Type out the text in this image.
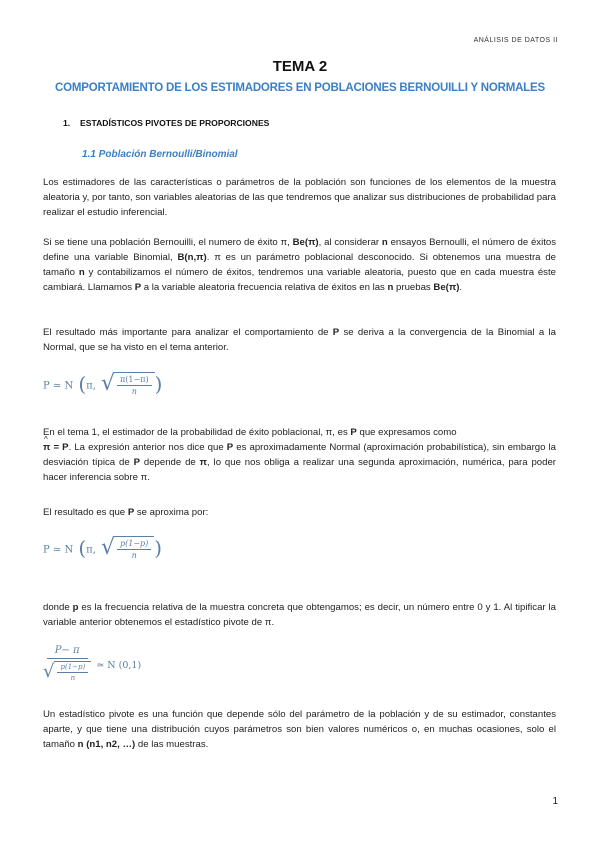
ANÁLISIS DE DATOS II
TEMA 2
COMPORTAMIENTO DE LOS ESTIMADORES EN POBLACIONES BERNOUILLI Y NORMALES
1. ESTADÍSTICOS PIVOTES DE PROPORCIONES
1.1 Población Bernoulli/Binomial
Los estimadores de las características o parámetros de la población son funciones de los elementos de la muestra aleatoria y, por tanto, son variables aleatorias de las que tendremos que analizar sus distribuciones de probabilidad para realizar el estudio inferencial.
Si se tiene una población Bernouilli, el numero de éxito π, Be(π), al considerar n ensayos Bernoulli, el número de éxitos define una variable Binomial, B(n,π). π es un parámetro poblacional desconocido. Si obtenemos una muestra de tamaño n y contabilizamos el número de éxitos, tendremos una variable aleatoria, puesto que en cada muestra éste cambiará. Llamamos P a la variable aleatoria frecuencia relativa de éxitos en las n pruebas Be(π).
El resultado más importante para analizar el comportamiento de P se deriva a la convergencia de la Binomial a la Normal, que se ha visto en el tema anterior.
P ≃ N (π, √ $\frac{\pi(1-\pi)}{n}$ )
En el tema 1, el estimador de la probabilidad de éxito poblacional, π, es P que expresamos como
^ π = P. La expresión anterior nos dice que P es aproximadamente Normal (aproximación probabilística), sin embargo la desviación típica de P depende de π, lo que nos obliga a realizar una segunda aproximación, numérica, para poder hacer inferencia sobre π.
El resultado es que P se aproxima por:
P ≃ N (π, √ $\frac{p(1-p)}{n}$ )
donde p es la frecuencia relativa de la muestra concreta que obtengamos; es decir, un número entre 0 y 1. Al tipificar la variable anterior obtenemos el estadístico pivote de π.
$\frac{P- \pi}{√ \frac{p(1-p)}{n}}$ ≃ N (0,1)
Un estadístico pivote es una función que depende sólo del parámetro de la población y de su estimador, constantes aparte, y que tiene una distribución cuyos parámetros son bien valores numéricos o, en muchas ocasiones, solo el tamaño n (n1, n2, …) de las muestras.
1
